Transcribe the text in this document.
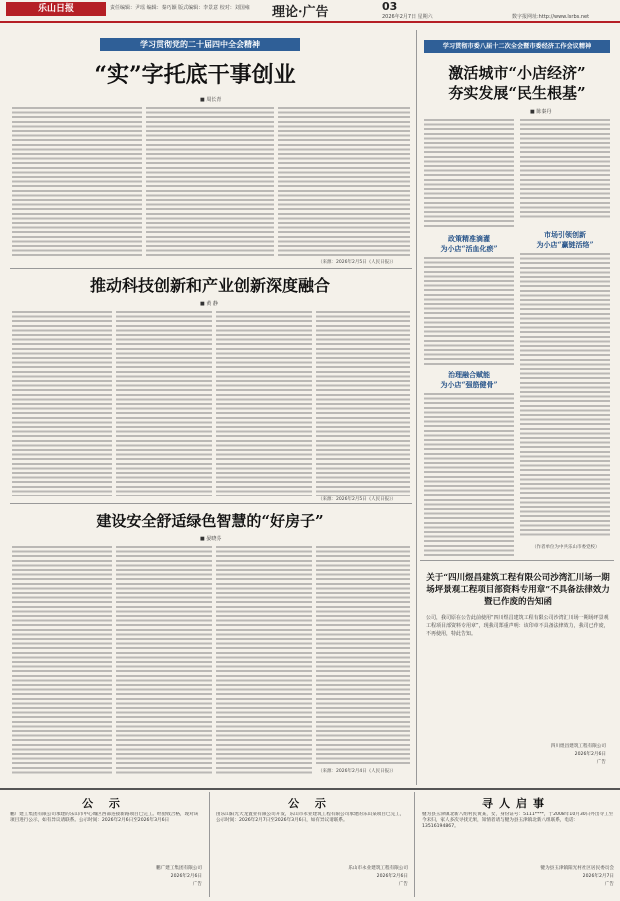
乐山日报	责任编辑：尹瑶 编辑：秦巧颖 版式编辑：李景意 校对：刘国雍 理论·广告	03
2026年2月7日 星期六	数字报网址:http://www.lsrbs.net
学习贯彻党的二十届四中全会精神
“实”字托底干事创业
■ 周长青
（来源：2026年2月5日《人民日报》）
推动科技创新和产业创新深度融合
■ 黄 静
（来源：2026年2月5日《人民日报》）
建设安全舒适绿色智慧的“好房子”
■ 晏晓芬
（来源：2026年2月4日《人民日报》）
学习贯彻市委八届十二次全会暨市委经济工作会议精神
激活城市“小店经济”
夯实发展“民生根基”
■ 陈秦丹
政策精准滴灌
为小店“活血化瘀”
治理融合赋能
为小店“强筋健骨”
市场引领创新
为小店“赢链活络”
（作者单位为中共乐山市委党校）
关于“四川煜昌建筑工程有限公司沙湾汇川场一期场坪景观工程项目部资料专用章”不具备法律效力暨已作废的告知函
公司，我司原在公告此前使用“四川煜昌建筑工程有限公司沙湾汇川场一期场坪景观工程项目部资料专用章”，现我司郑重声明：该印章不具备法律效力，我司已作废，不再使用，特此告知。
四川煜昌建筑工程有限公司
2026年2月6日
广告
公 示
鹏广建工集团有限公司承建的乐山市中心城区西部连接新路项目已完工。经验收合格，现对该项目进行公示，如有异议请联系。公示时间：2026年2月6日至2026年3月6日
鹏广建工集团有限公司
2026年2月6日
广告
公 示
由乐山阳光大龙置业有限公司开发，乐山市永业建筑工程有限公司承建的乐山某项目已完工，公示时间：2026年2月7日至2026年3月6日，如有异议请联系。
乐山市永业建筑工程有限公司
2026年2月6日
广告
寻人启事
犍为县玉津镇北新八组村民黄某，女，身份证号：5111****，于2008年10月30日外出寻工至今未归，家人多次寻找无果，知情者请与犍为县玉津镇北新八组联系，电话：13516194867。
犍为县玉津镇阳光村社区居民委员会
2026年2月7日
广告
